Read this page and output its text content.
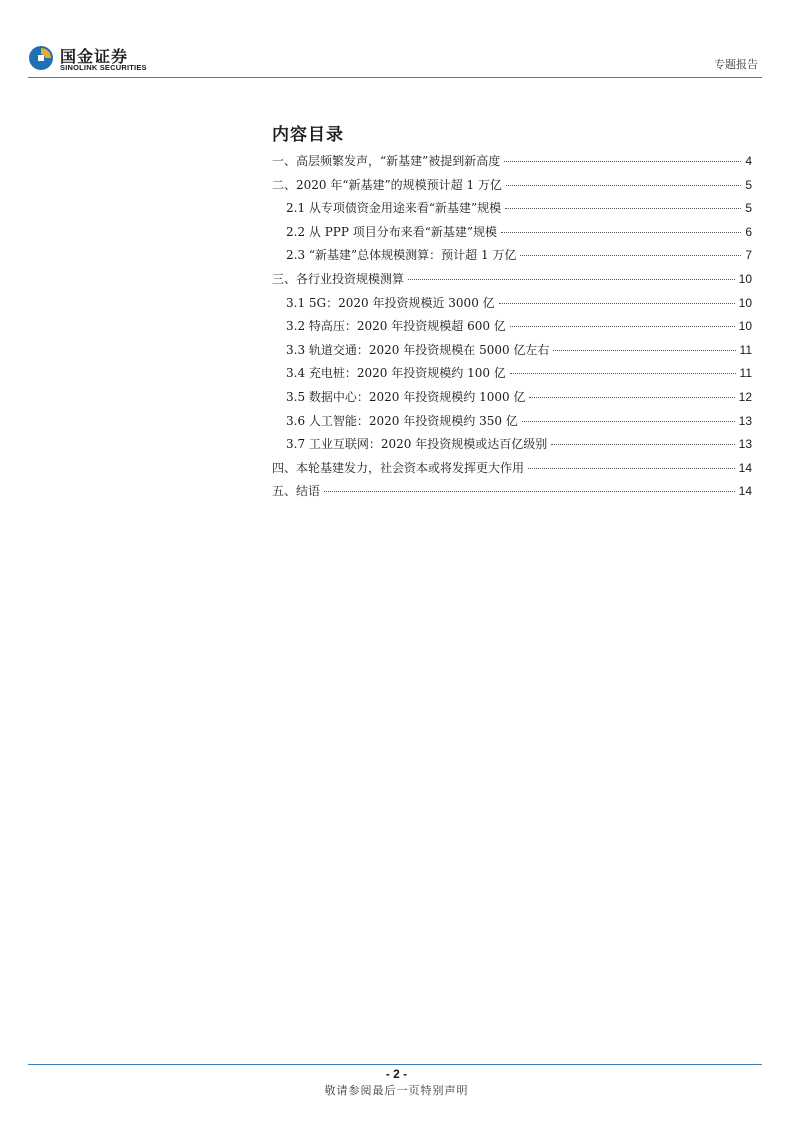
国金证券
SINOLINK SECURITIES	专题报告
内容目录
一、高层频繁发声，“新基建”被提到新高度	4
二、2020 年“新基建”的规模预计超 1 万亿	5
2.1 从专项债资金用途来看“新基建”规模	5
2.2 从 PPP 项目分布来看“新基建”规模	6
2.3 “新基建”总体规模测算：预计超 1 万亿	7
三、各行业投资规模测算	10
3.1 5G：2020 年投资规模近 3000 亿	10
3.2 特高压：2020 年投资规模超 600 亿	10
3.3 轨道交通：2020 年投资规模在 5000 亿左右	11
3.4 充电桩：2020 年投资规模约 100 亿	11
3.5 数据中心：2020 年投资规模约 1000 亿	12
3.6 人工智能：2020 年投资规模约 350 亿	13
3.7 工业互联网：2020 年投资规模或达百亿级别	13
四、本轮基建发力，社会资本或将发挥更大作用	14
五、结语	14
- 2 -
敬请参阅最后一页特别声明
